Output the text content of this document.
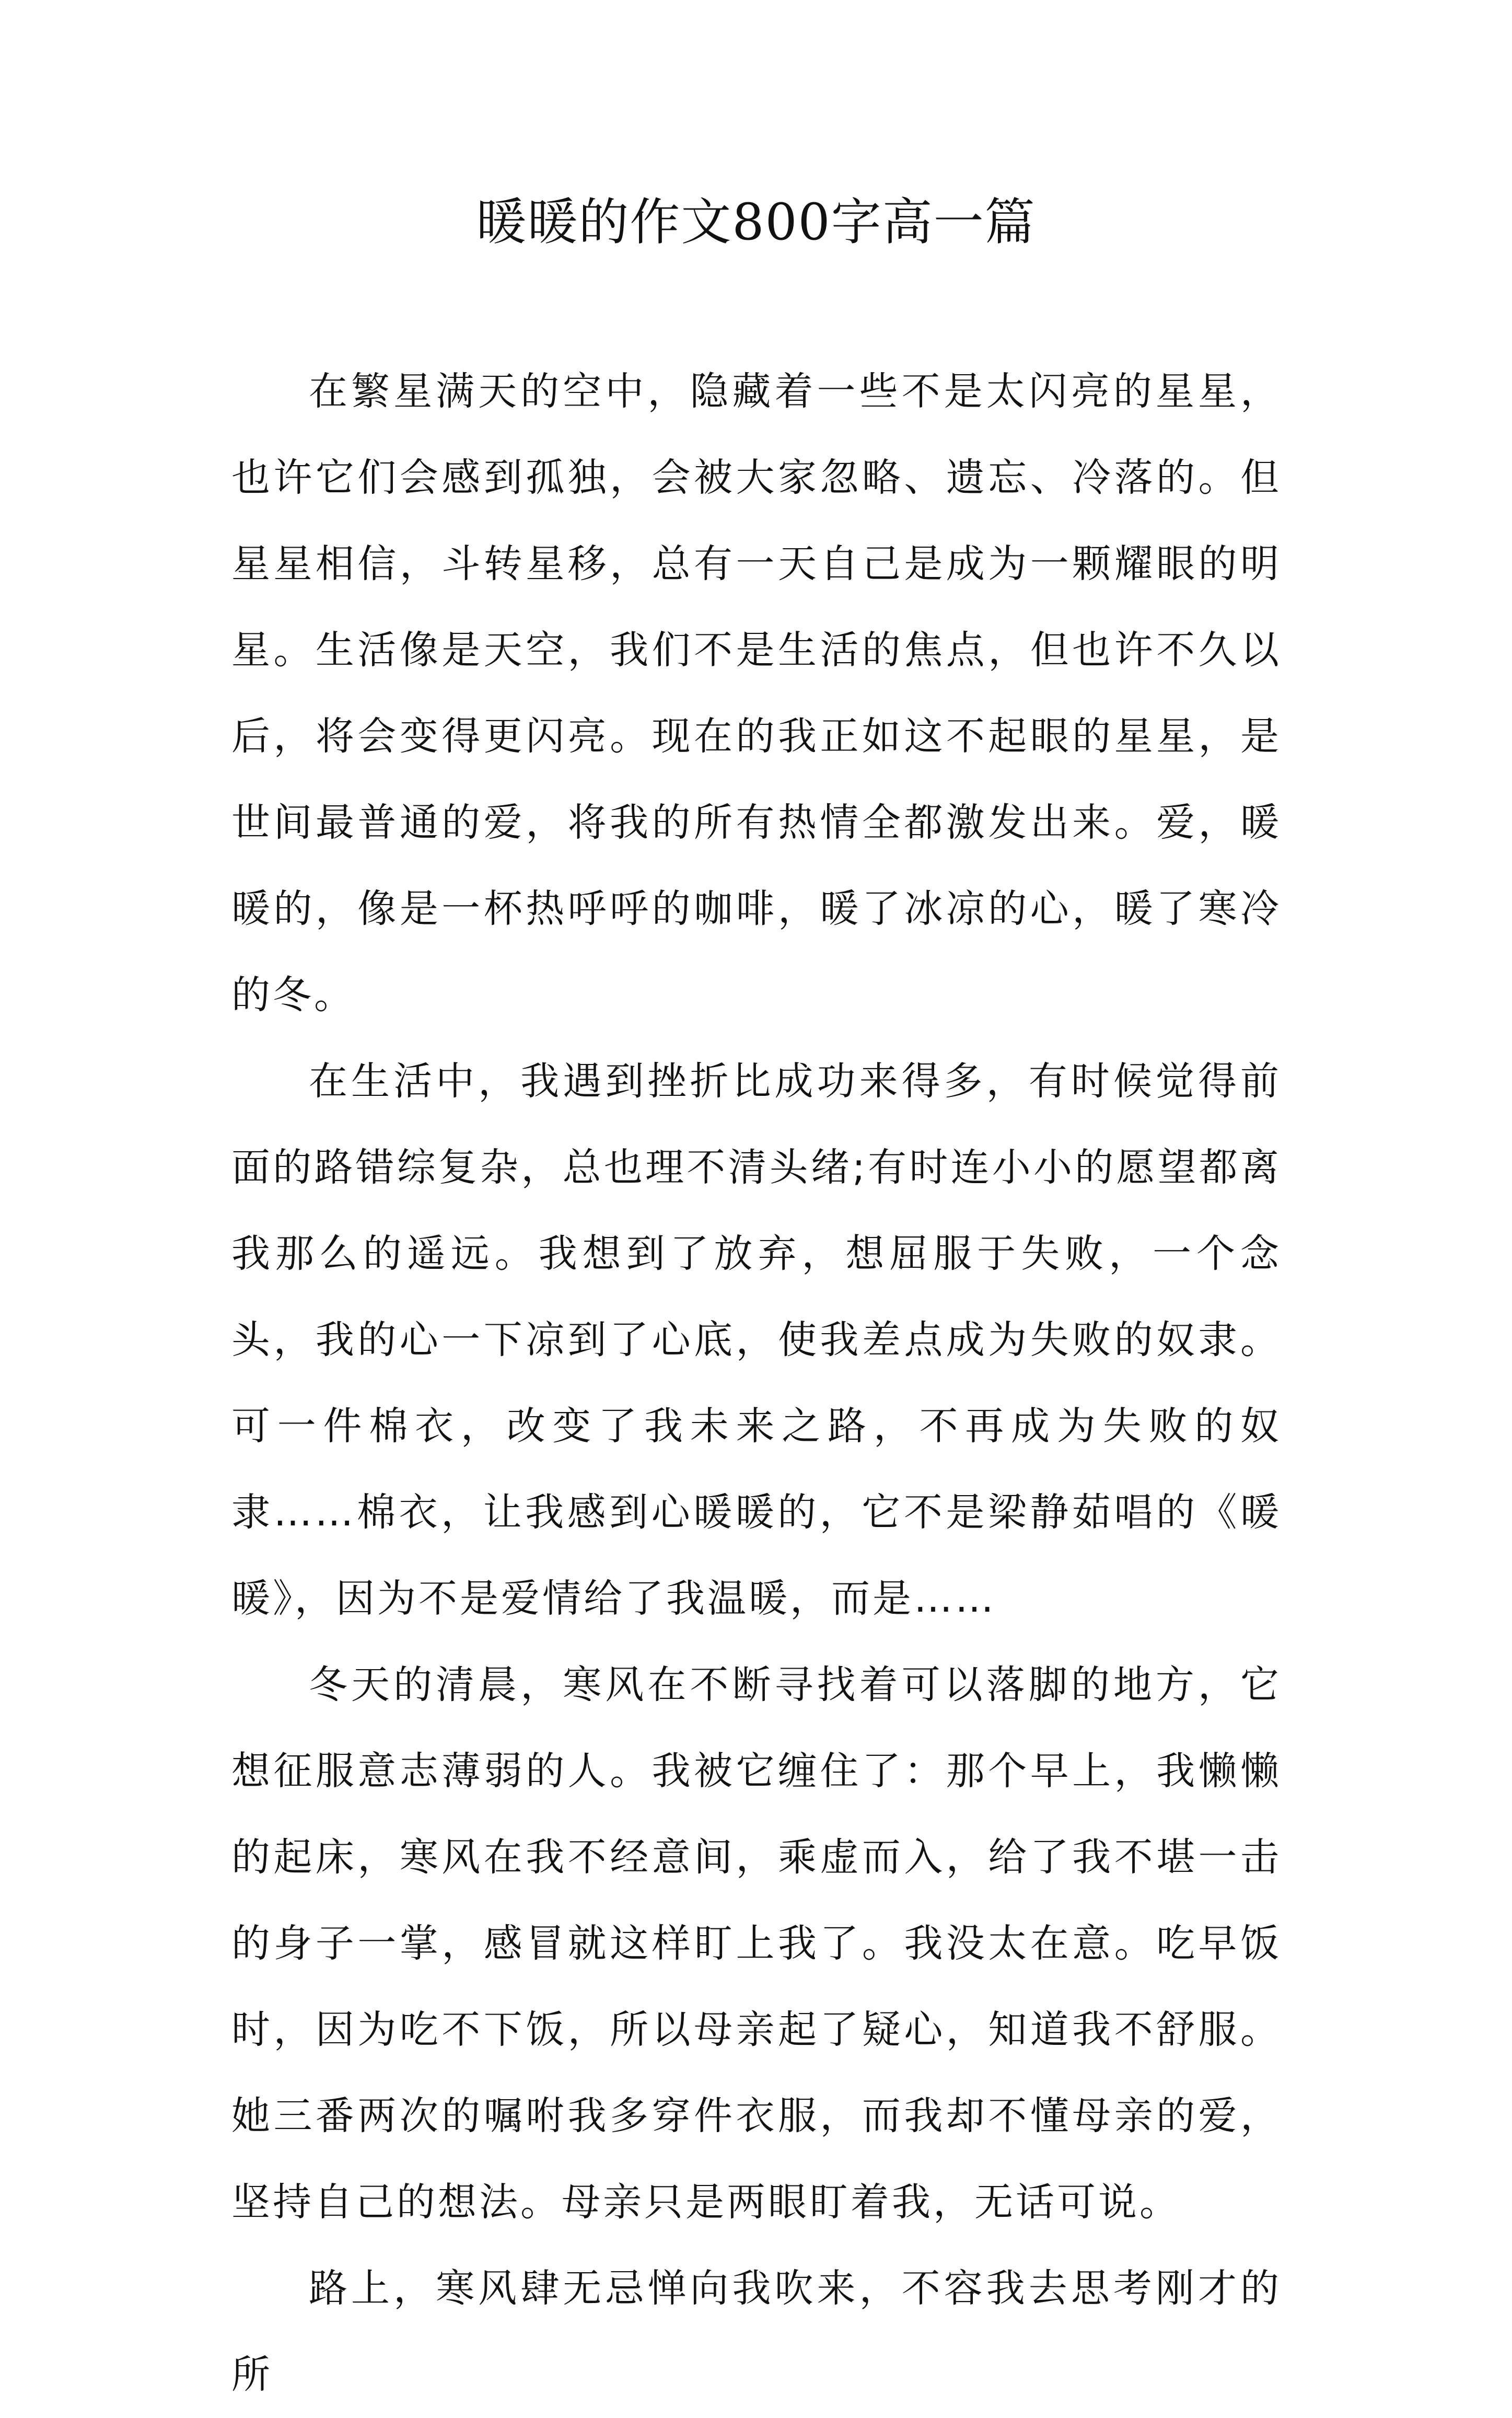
暖暖的作文800字高一篇

在繁星满天的空中，隐藏着一些不是太闪亮的星星，也许它们会感到孤独，会被大家忽略、遗忘、冷落的。但星星相信，斗转星移，总有一天自己是成为一颗耀眼的明星。生活像是天空，我们不是生活的焦点，但也许不久以后，将会变得更闪亮。现在的我正如这不起眼的星星，是世间最普通的爱，将我的所有热情全都激发出来。爱，暖暖的，像是一杯热呼呼的咖啡，暖了冰凉的心，暖了寒冷的冬。

在生活中，我遇到挫折比成功来得多，有时候觉得前面的路错综复杂，总也理不清头绪;有时连小小的愿望都离我那么的遥远。我想到了放弃，想屈服于失败，一个念头，我的心一下凉到了心底，使我差点成为失败的奴隶。可一件棉衣，改变了我未来之路，不再成为失败的奴隶……棉衣，让我感到心暖暖的，它不是梁静茹唱的《暖暖》，因为不是爱情给了我温暖，而是……

冬天的清晨，寒风在不断寻找着可以落脚的地方，它想征服意志薄弱的人。我被它缠住了：那个早上，我懒懒的起床，寒风在我不经意间，乘虚而入，给了我不堪一击的身子一掌，感冒就这样盯上我了。我没太在意。吃早饭时，因为吃不下饭，所以母亲起了疑心，知道我不舒服。她三番两次的嘱咐我多穿件衣服，而我却不懂母亲的爱，坚持自己的想法。母亲只是两眼盯着我，无话可说。

路上，寒风肆无忌惮向我吹来，不容我去思考刚才的所
